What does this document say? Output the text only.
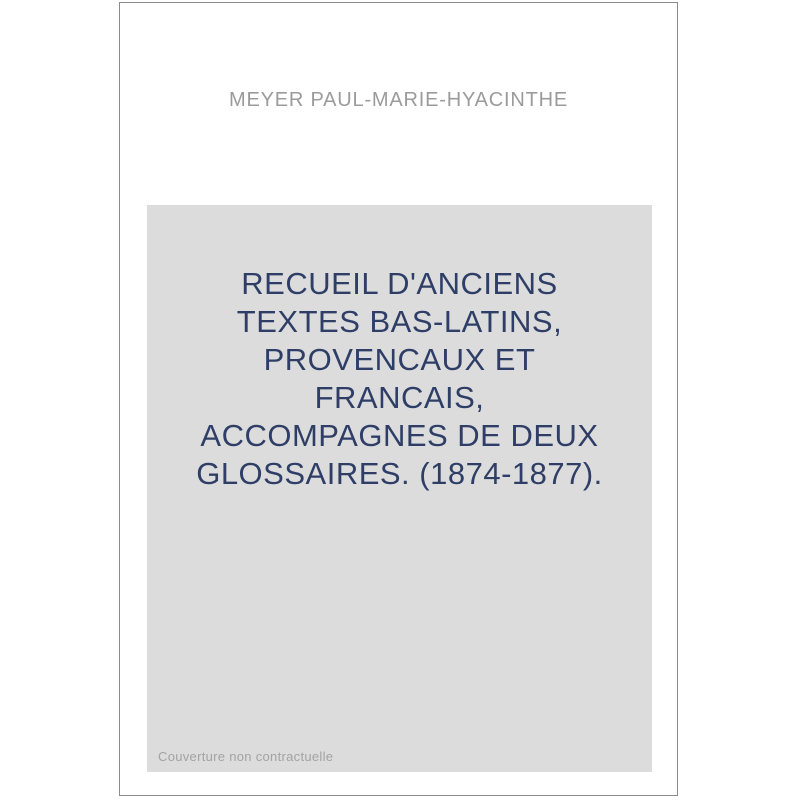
MEYER PAUL-MARIE-HYACINTHE
RECUEIL D'ANCIENS
TEXTES BAS-LATINS,
PROVENCAUX ET
FRANCAIS,
ACCOMPAGNES DE DEUX
GLOSSAIRES. (1874-1877).
Couverture non contractuelle
